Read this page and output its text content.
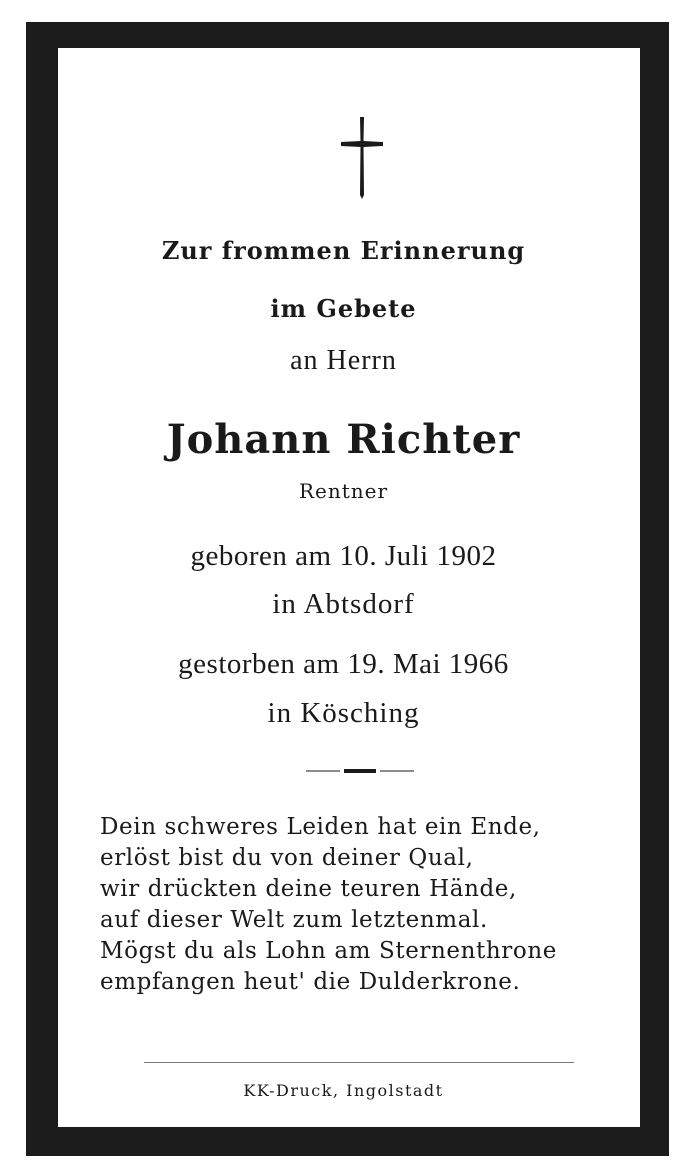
Zur frommen Erinnerung
im Gebete
an Herrn
Johann Richter
Rentner
geboren am 10. Juli 1902
in Abtsdorf
gestorben am 19. Mai 1966
in Kösching
Dein schweres Leiden hat ein Ende,
erlöst bist du von deiner Qual,
wir drückten deine teuren Hände,
auf dieser Welt zum letztenmal.
Mögst du als Lohn am Sternenthrone
empfangen heut' die Dulderkrone.
KK-Druck, Ingolstadt
